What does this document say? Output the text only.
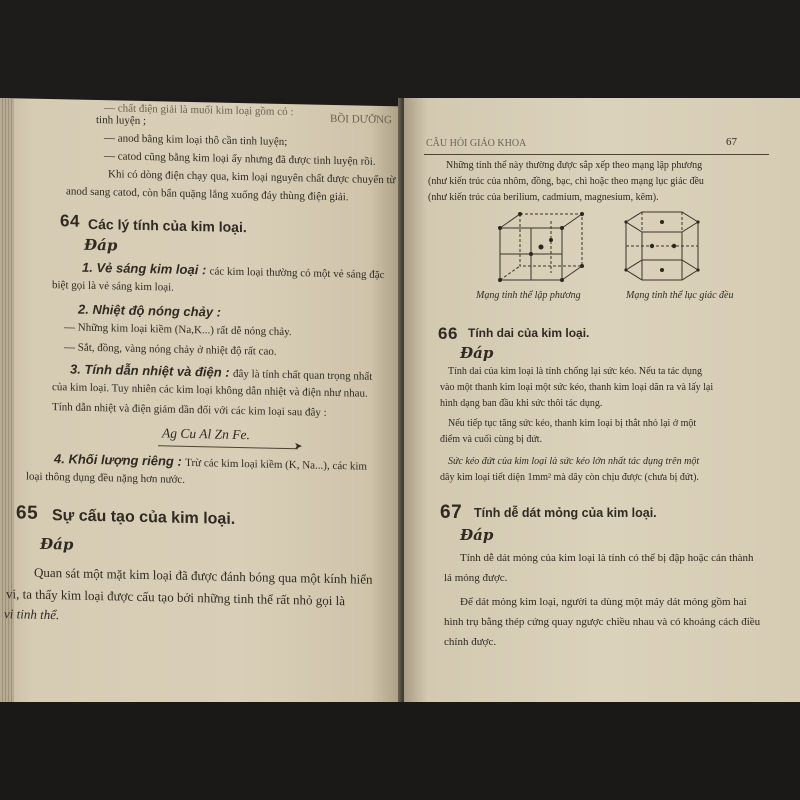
— chất điện giải là muối kim loại gồm có :
BỒI DƯỠNG
tinh luyện ;
— anod bằng kim loại thô cần tinh luyện;
— catod cũng bằng kim loại ấy nhưng đã được tinh luyện rồi.
Khi có dòng điện chạy qua, kim loại nguyên chất được chuyển từ
anod sang catod, còn bẩn quặng lắng xuống đáy thùng điện giải.
64 Các lý tính của kim loại.
Đáp
1. Vẻ sáng kim loại : các kim loại thường có một vẻ sáng đặc
biệt gọi là vẻ sáng kim loại.
2. Nhiệt độ nóng chảy :
— Những kim loại kiềm (Na,K...) rất dễ nóng chảy.
— Sắt, đồng, vàng nóng chảy ở nhiệt độ rất cao.
3. Tính dẫn nhiệt và điện : đây là tính chất quan trọng nhất
của kim loại. Tuy nhiên các kim loại không dẫn nhiệt và điện như nhau.
Tính dẫn nhiệt và điện giảm dần đối với các kim loại sau đây :
Ag Cu Al Zn Fe.
➤
4. Khối lượng riêng : Trừ các kim loại kiềm (K, Na...), các kim
loại thông dụng đều nặng hơn nước.
65 Sự cấu tạo của kim loại.
Đáp
Quan sát một mặt kim loại đã được đánh bóng qua một kính hiển
vi, ta thấy kim loại được cấu tạo bởi những tinh thể rất nhỏ gọi là
vi tinh thể.
CÂU HỎI GIÁO KHOA	67
Những tinh thể này thường được sắp xếp theo mạng lập phương
(như kiến trúc của nhôm, đồng, bạc, chì hoặc theo mạng lục giác đều
(như kiến trúc của berilium, cadmium, magnesium, kẽm).
Mạng tinh thể lập phương	Mạng tinh thể lục giác đều
66 Tính dai của kim loại.
Đáp
Tính dai của kim loại là tính chống lại sức kéo. Nếu ta tác dụng
vào một thanh kim loại một sức kéo, thanh kim loại dãn ra và lấy lại
hình dạng ban đầu khi sức thôi tác dụng.
Nếu tiếp tục tăng sức kéo, thanh kim loại bị thắt nhỏ lại ở một
điểm và cuối cùng bị đứt.
Sức kéo đứt của kim loại là sức kéo lớn nhất tác dụng trên một
dây kim loại tiết diện 1mm² mà dây còn chịu được (chưa bị đứt).
67 Tính dễ dát mỏng của kim loại.
Đáp
Tính dễ dát mỏng của kim loại là tính có thể bị đập hoặc cán thành
lá mỏng được.
Để dát mỏng kim loại, người ta dùng một máy dát mỏng gồm hai
hình trụ bằng thép cứng quay ngược chiều nhau và có khoảng cách điều
chỉnh được.
